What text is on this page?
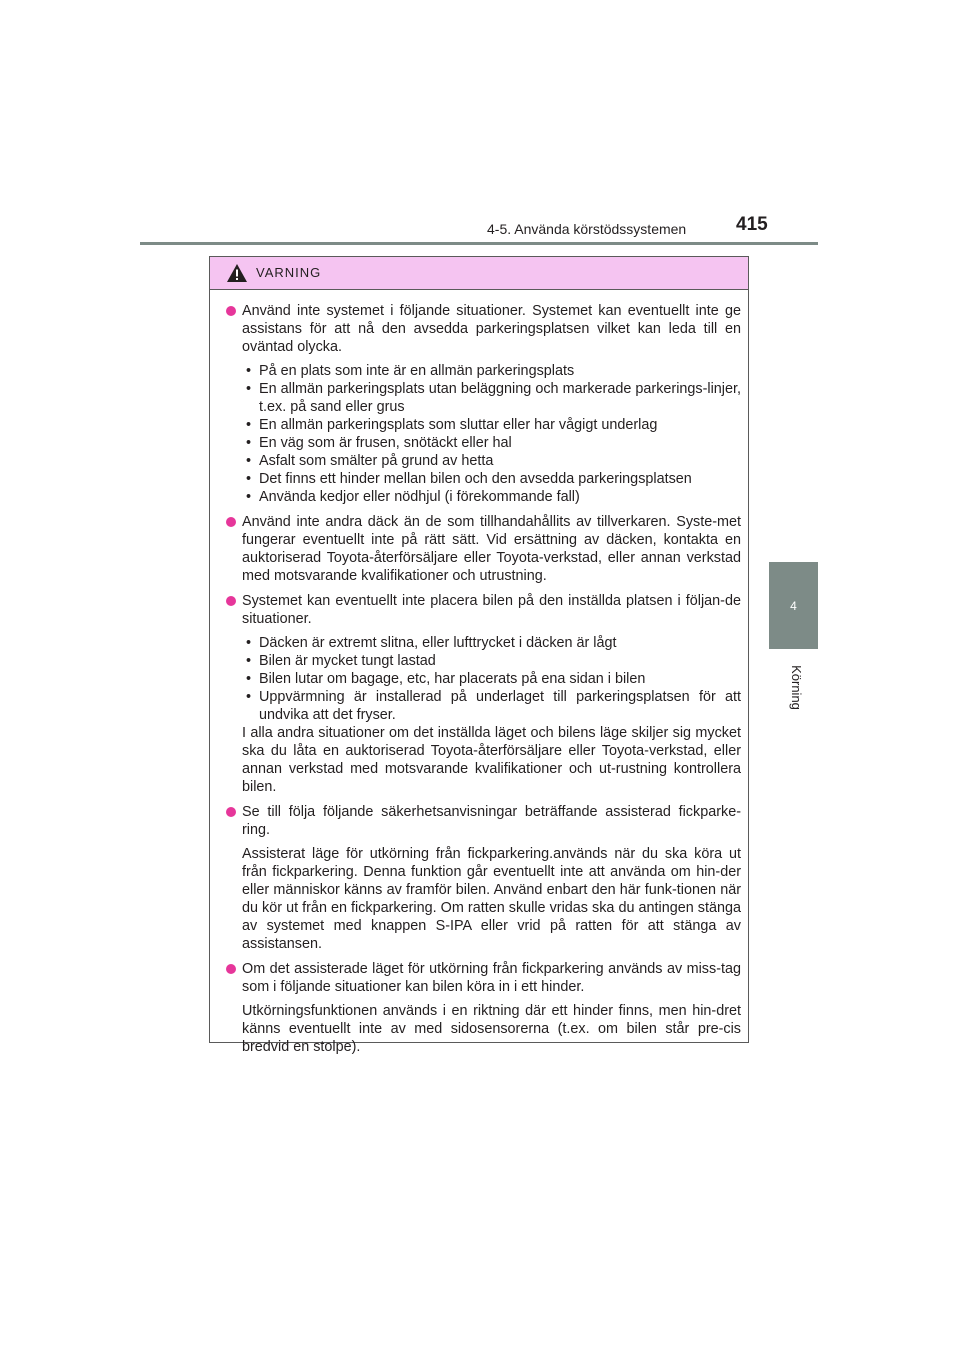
4-5. Använda körstödssystemen	415
4
Körning
VARNING

Använd inte systemet i följande situationer. Systemet kan eventuellt inte ge assistans för att nå den avsedda parkeringsplatsen vilket kan leda till en oväntad olycka.

• På en plats som inte är en allmän parkeringsplats
• En allmän parkeringsplats utan beläggning och markerade parkerings-linjer, t.ex. på sand eller grus
• En allmän parkeringsplats som sluttar eller har vågigt underlag
• En väg som är frusen, snötäckt eller hal
• Asfalt som smälter på grund av hetta
• Det finns ett hinder mellan bilen och den avsedda parkeringsplatsen
• Använda kedjor eller nödhjul (i förekommande fall)

Använd inte andra däck än de som tillhandahållits av tillverkaren. Syste-met fungerar eventuellt inte på rätt sätt. Vid ersättning av däcken, kontakta en auktoriserad Toyota-återförsäljare eller Toyota-verkstad, eller annan verkstad med motsvarande kvalifikationer och utrustning.

Systemet kan eventuellt inte placera bilen på den inställda platsen i följan-de situationer.

• Däcken är extremt slitna, eller lufttrycket i däcken är lågt
• Bilen är mycket tungt lastad
• Bilen lutar om bagage, etc, har placerats på ena sidan i bilen
• Uppvärmning är installerad på underlaget till parkeringsplatsen för att undvika att det fryser.

I alla andra situationer om det inställda läget och bilens läge skiljer sig mycket ska du låta en auktoriserad Toyota-återförsäljare eller Toyota-verkstad, eller annan verkstad med motsvarande kvalifikationer och ut-rustning kontrollera bilen.

Se till följa följande säkerhetsanvisningar beträffande assisterad fickparke-ring.

Assisterat läge för utkörning från fickparkering.används när du ska köra ut från fickparkering. Denna funktion går eventuellt inte att använda om hin-der eller människor känns av framför bilen. Använd enbart den här funk-tionen när du kör ut från en fickparkering. Om ratten skulle vridas ska du antingen stänga av systemet med knappen S-IPA eller vrid på ratten för att stänga av assistansen.

Om det assisterade läget för utkörning från fickparkering används av miss-tag som i följande situationer kan bilen köra in i ett hinder.

Utkörningsfunktionen används i en riktning där ett hinder finns, men hin-dret känns eventuellt inte av med sidosensorerna (t.ex. om bilen står pre-cis bredvid en stolpe).
